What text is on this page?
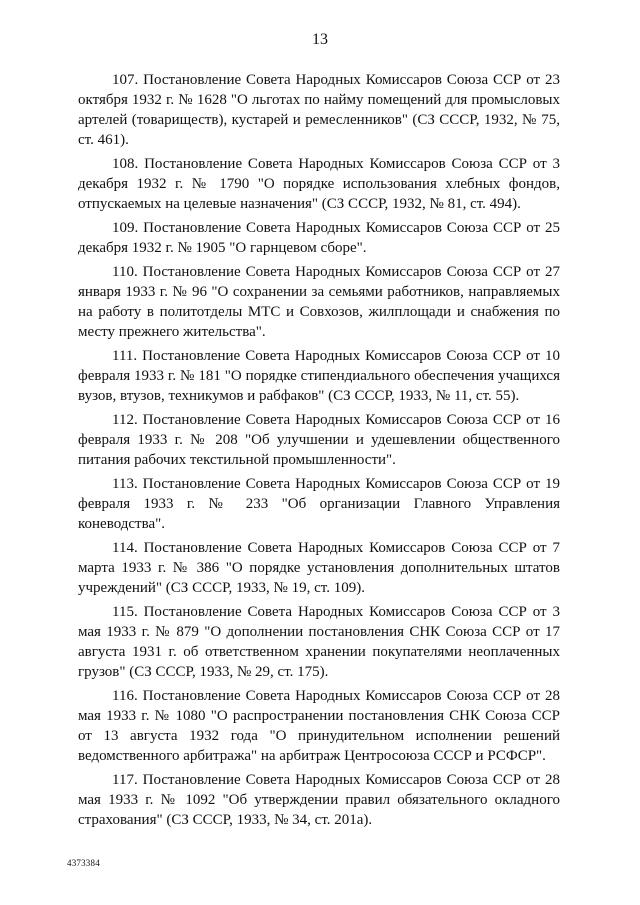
13

107. Постановление Совета Народных Комиссаров Союза ССР от 23 октября 1932 г. № 1628 "О льготах по найму помещений для промысловых артелей (товариществ), кустарей и ремесленников" (СЗ СССР, 1932, № 75, ст. 461).

108. Постановление Совета Народных Комиссаров Союза ССР от 3 декабря 1932 г. № 1790 "О порядке использования хлебных фондов, отпускаемых на целевые назначения" (СЗ СССР, 1932, № 81, ст. 494).

109. Постановление Совета Народных Комиссаров Союза ССР от 25 декабря 1932 г. № 1905 "О гарнцевом сборе".

110. Постановление Совета Народных Комиссаров Союза ССР от 27 января 1933 г. № 96 "О сохранении за семьями работников, направляемых на работу в политотделы МТС и Совхозов, жилплощади и снабжения по месту прежнего жительства".

111. Постановление Совета Народных Комиссаров Союза ССР от 10 февраля 1933 г. № 181 "О порядке стипендиального обеспечения учащихся вузов, втузов, техникумов и рабфаков" (СЗ СССР, 1933, № 11, ст. 55).

112. Постановление Совета Народных Комиссаров Союза ССР от 16 февраля 1933 г. № 208 "Об улучшении и удешевлении общественного питания рабочих текстильной промышленности".

113. Постановление Совета Народных Комиссаров Союза ССР от 19 февраля 1933 г. № 233 "Об организации Главного Управления коневодства".

114. Постановление Совета Народных Комиссаров Союза ССР от 7 марта 1933 г. № 386 "О порядке установления дополнительных штатов учреждений" (СЗ СССР, 1933, № 19, ст. 109).

115. Постановление Совета Народных Комиссаров Союза ССР от 3 мая 1933 г. № 879 "О дополнении постановления СНК Союза ССР от 17 августа 1931 г. об ответственном хранении покупателями неоплаченных грузов" (СЗ СССР, 1933, № 29, ст. 175).

116. Постановление Совета Народных Комиссаров Союза ССР от 28 мая 1933 г. № 1080 "О распространении постановления СНК Союза ССР от 13 августа 1932 года "О принудительном исполнении решений ведомственного арбитража" на арбитраж Центросоюза СССР и РСФСР".

117. Постановление Совета Народных Комиссаров Союза ССР от 28 мая 1933 г. № 1092 "Об утверждении правил обязательного окладного страхования" (СЗ СССР, 1933, № 34, ст. 201а).

4373384
